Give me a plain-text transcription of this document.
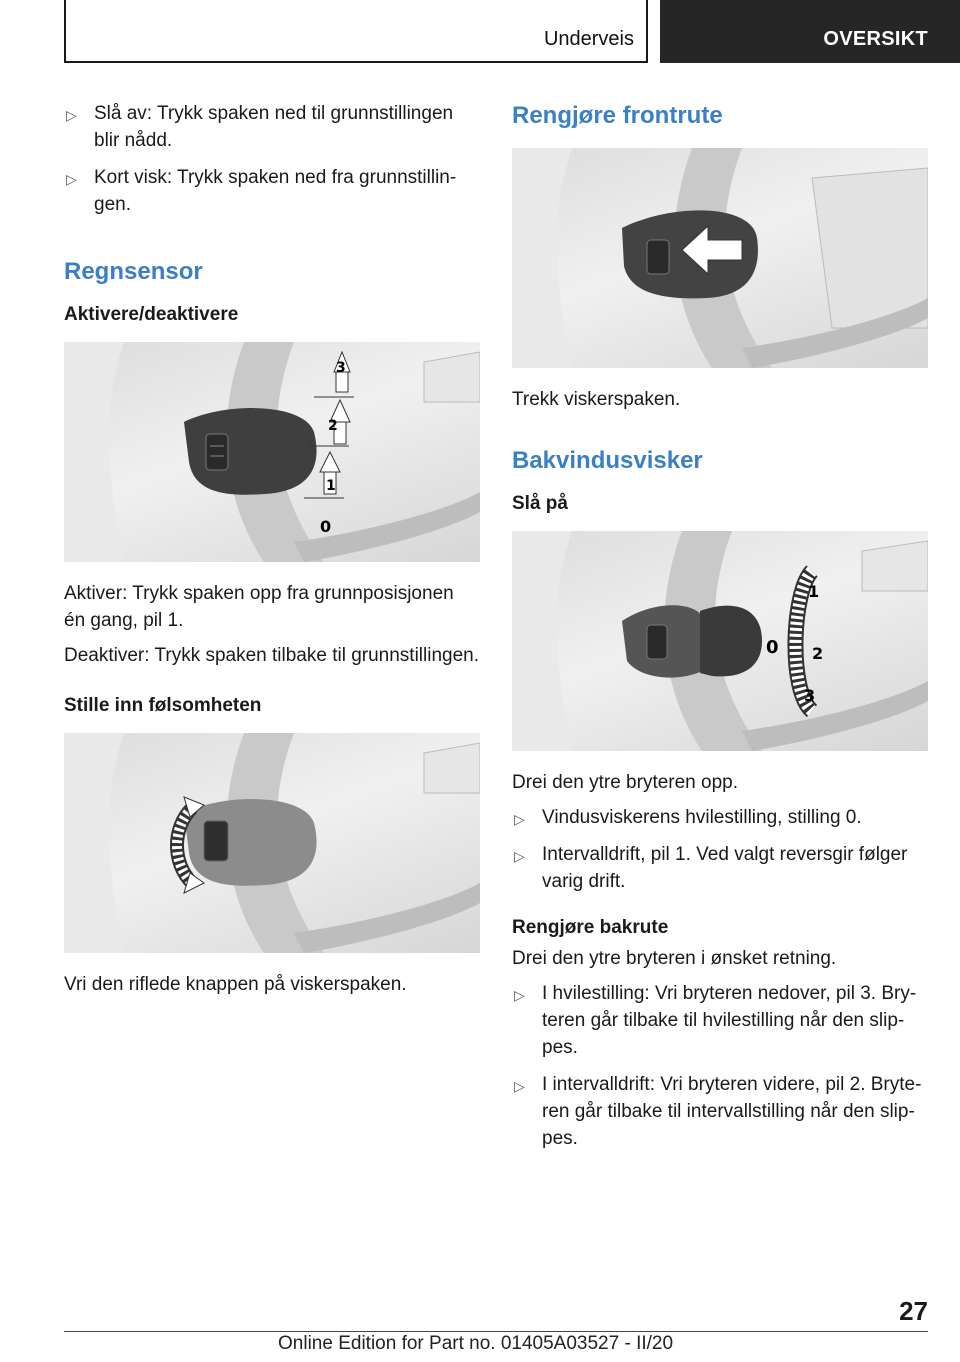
Underveis	OVERSIKT
▷ Slå av: Trykk spaken ned til grunnstillingen blir nådd.
▷ Kort visk: Trykk spaken ned fra grunnstillin- gen.
Regnsensor
Aktivere/deaktivere
3
2
1
0
Aktiver: Trykk spaken opp fra grunnposisjonen én gang, pil 1.
Deaktiver: Trykk spaken tilbake til grunnstillingen.
Stille inn følsomheten
Vri den riflede knappen på viskerspaken.
Rengjøre frontrute
Trekk viskerspaken.
Bakvindusvisker
Slå på
1
0 2
3
Drei den ytre bryteren opp.
▷ Vindusviskerens hvilestilling, stilling 0.
▷ Intervalldrift, pil 1. Ved valgt reversgir følger varig drift.
Rengjøre bakrute
Drei den ytre bryteren i ønsket retning.
▷ I hvilestilling: Vri bryteren nedover, pil 3. Bry- teren går tilbake til hvilestilling når den slip- pes.
▷ I intervalldrift: Vri bryteren videre, pil 2. Bryte- ren går tilbake til intervallstilling når den slip- pes.
27
Online Edition for Part no. 01405A03527 - II/20
